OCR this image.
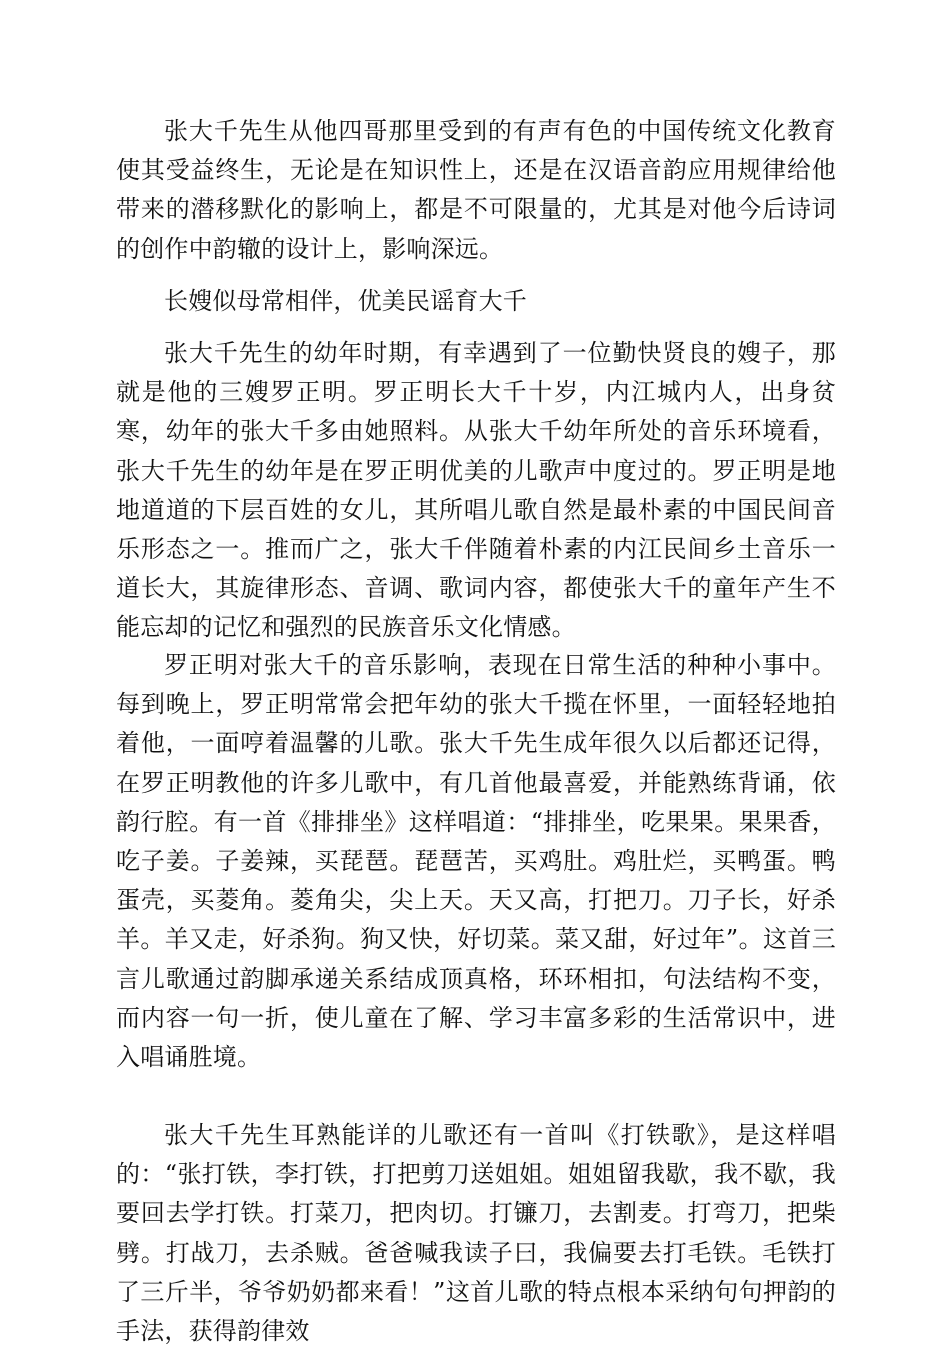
张大千先生从他四哥那里受到的有声有色的中国传统文化教育使其受益终生，无论是在知识性上，还是在汉语音韵应用规律给他带来的潜移默化的影响上，都是不可限量的，尤其是对他今后诗词的创作中韵辙的设计上，影响深远。

长嫂似母常相伴，优美民谣育大千

张大千先生的幼年时期，有幸遇到了一位勤快贤良的嫂子，那就是他的三嫂罗正明。罗正明长大千十岁，内江城内人，出身贫寒，幼年的张大千多由她照料。从张大千幼年所处的音乐环境看，张大千先生的幼年是在罗正明优美的儿歌声中度过的。罗正明是地地道道的下层百姓的女儿，其所唱儿歌自然是最朴素的中国民间音乐形态之一。推而广之，张大千伴随着朴素的内江民间乡土音乐一道长大，其旋律形态、音调、歌词内容，都使张大千的童年产生不能忘却的记忆和强烈的民族音乐文化情感。

罗正明对张大千的音乐影响，表现在日常生活的种种小事中。每到晚上，罗正明常常会把年幼的张大千揽在怀里，一面轻轻地拍着他，一面哼着温馨的儿歌。张大千先生成年很久以后都还记得，在罗正明教他的许多儿歌中，有几首他最喜爱，并能熟练背诵，依韵行腔。有一首《排排坐》这样唱道：“排排坐，吃果果。果果香，吃子姜。子姜辣，买琵琶。琵琶苦，买鸡肚。鸡肚烂，买鸭蛋。鸭蛋壳，买菱角。菱角尖，尖上天。天又高，打把刀。刀子长，好杀羊。羊又走，好杀狗。狗又快，好切菜。菜又甜，好过年”。这首三言儿歌通过韵脚承递关系结成顶真格，环环相扣，句法结构不变，而内容一句一折，使儿童在了解、学习丰富多彩的生活常识中，进入唱诵胜境。

张大千先生耳熟能详的儿歌还有一首叫《打铁歌》，是这样唱的：“张打铁，李打铁，打把剪刀送姐姐。姐姐留我歇，我不歇，我要回去学打铁。打菜刀，把肉切。打镰刀，去割麦。打弯刀，把柴劈。打战刀，去杀贼。爸爸喊我读子曰，我偏要去打毛铁。毛铁打了三斤半，爷爷奶奶都来看！”这首儿歌的特点根本采纳句句押韵的手法，获得韵律效
